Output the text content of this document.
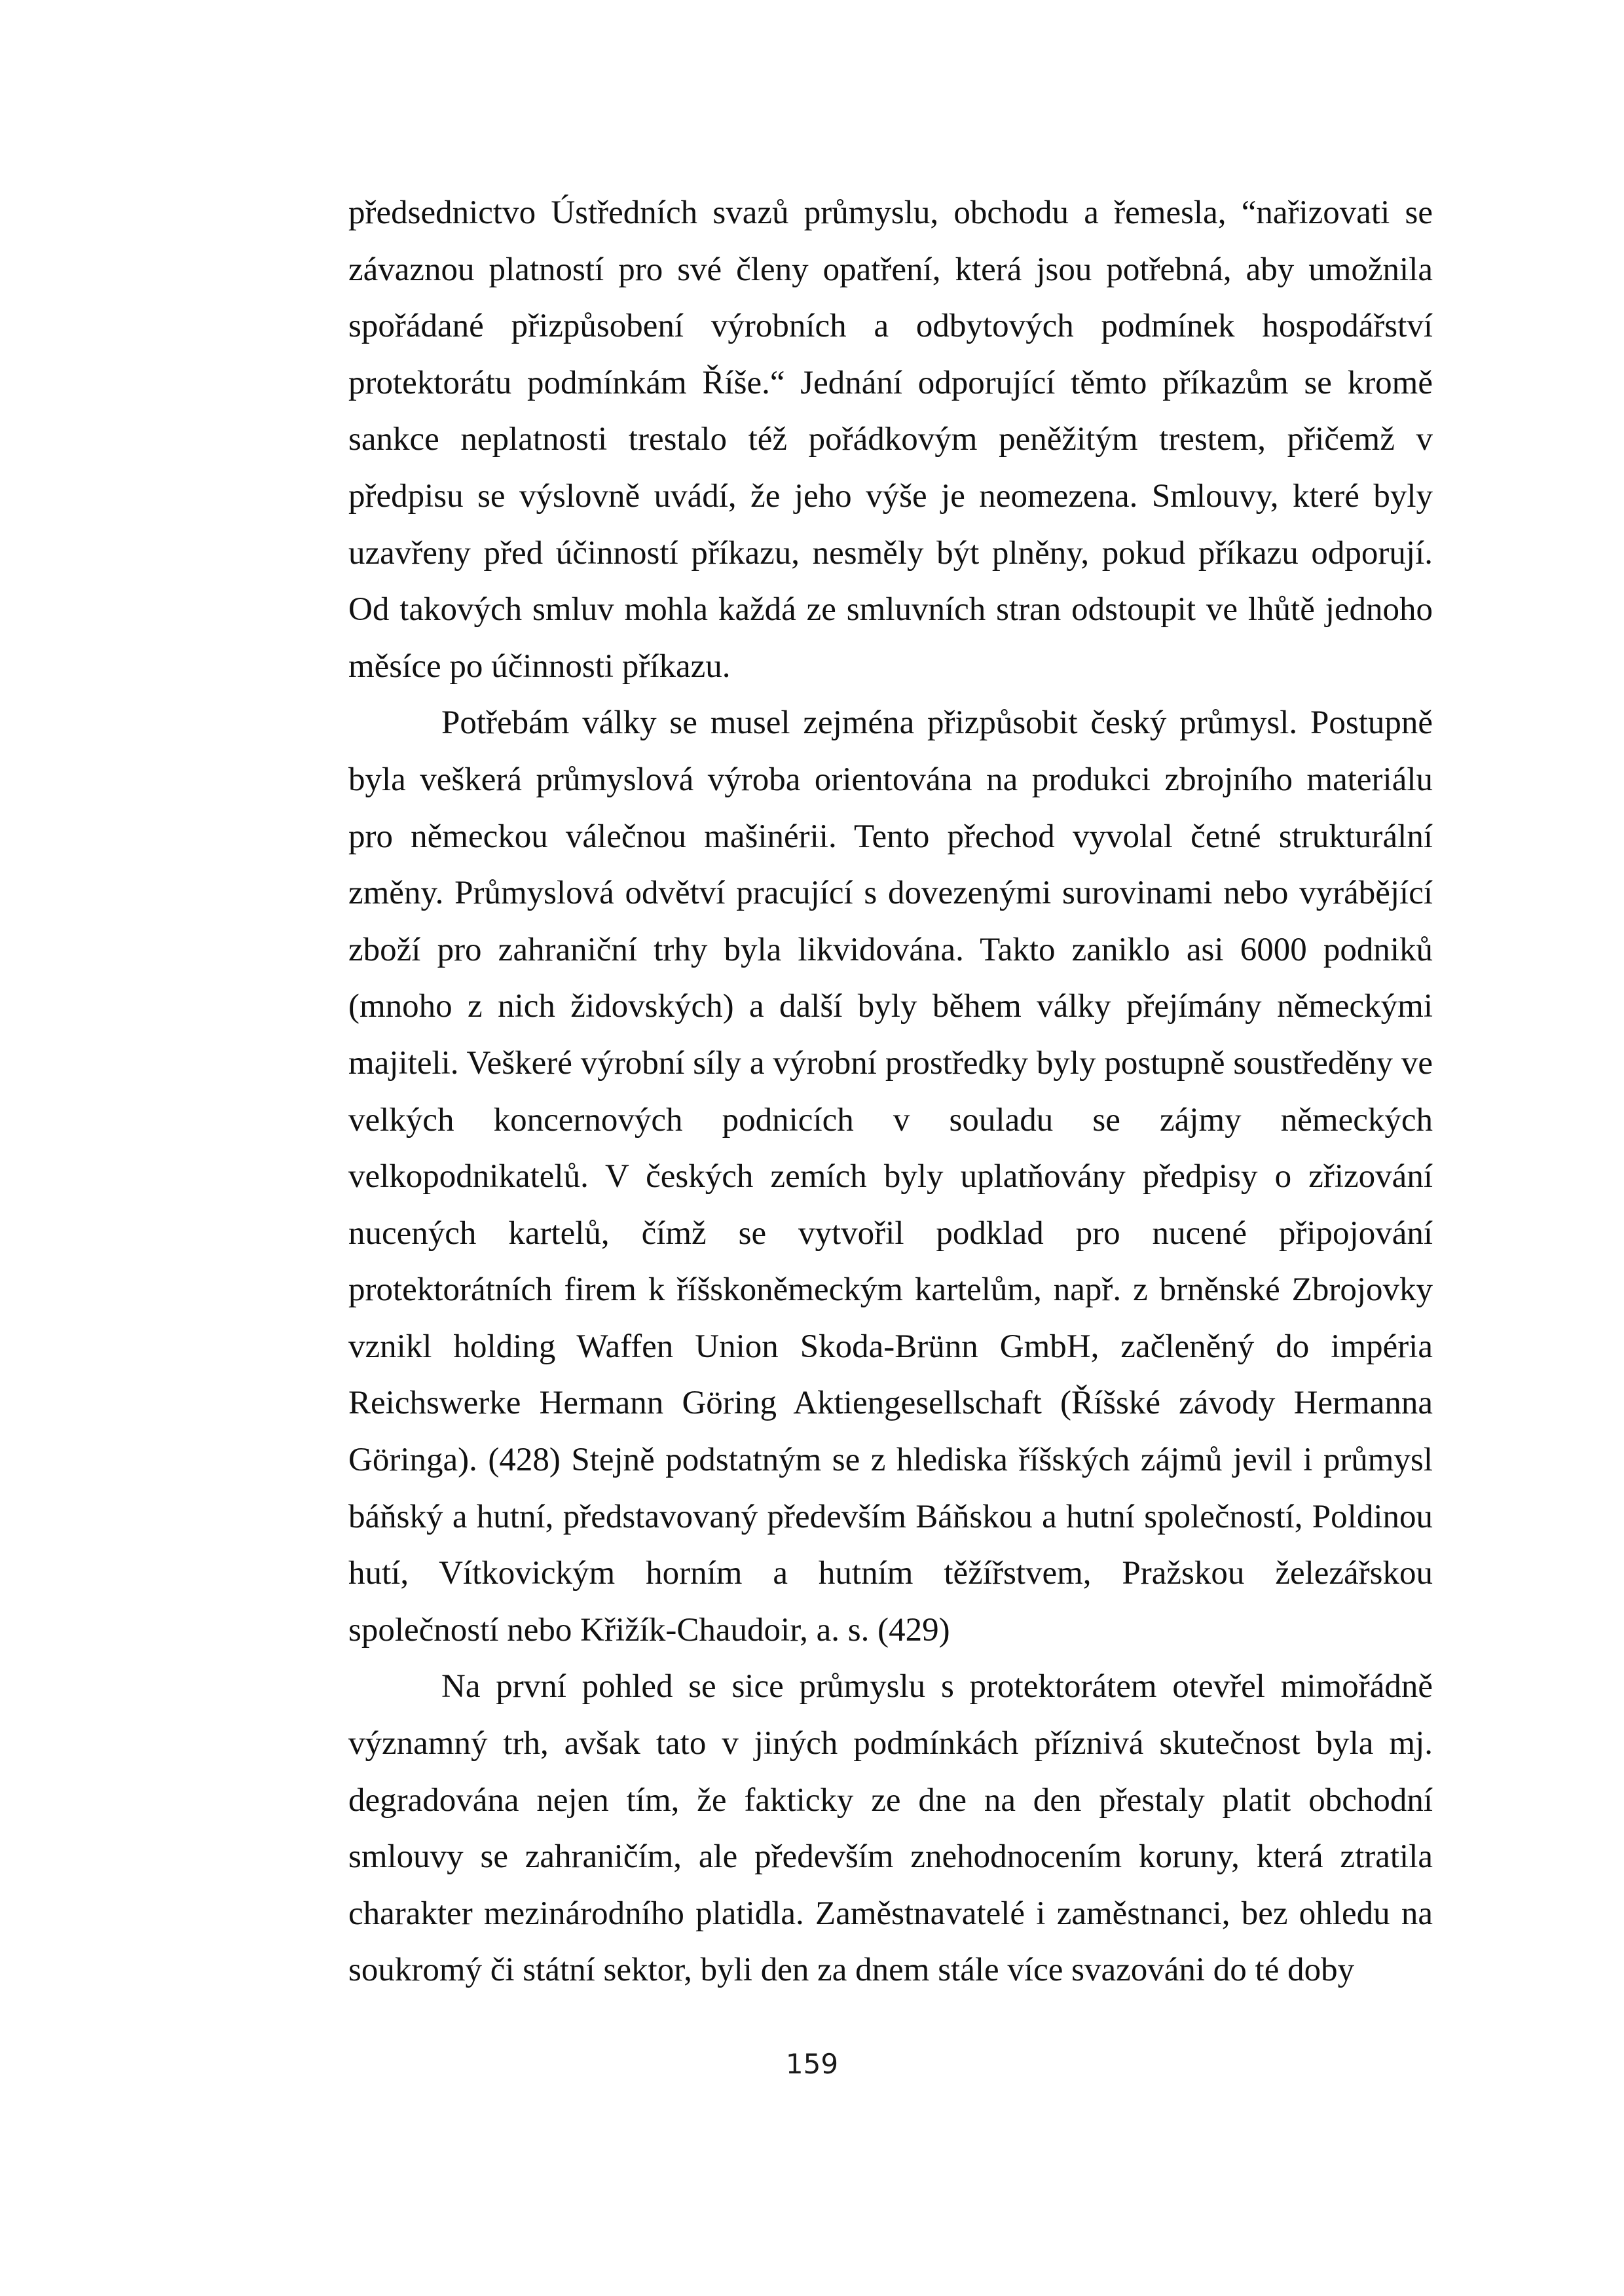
předsednictvo Ústředních svazů průmyslu, obchodu a řemesla, “nařizovati se závaznou platností pro své členy opatření, která jsou potřebná, aby umožnila spořádané přizpůsobení výrobních a odbytových podmínek hospodářství protektorátu podmínkám Říše.“ Jednání odporující těmto příkazům se kromě sankce neplatnosti trestalo též pořádkovým peněžitým trestem, přičemž v předpisu se výslovně uvádí, že jeho výše je neomezena. Smlouvy, které byly uzavřeny před účinností příkazu, nesměly být plněny, pokud příkazu odporují. Od takových smluv mohla každá ze smluvních stran odstoupit ve lhůtě jednoho měsíce po účinnosti příkazu.

Potřebám války se musel zejména přizpůsobit český průmysl. Postupně byla veškerá průmyslová výroba orientována na produkci zbrojního materiálu pro německou válečnou mašinérii. Tento přechod vyvolal četné strukturální změny. Průmyslová odvětví pracující s dovezenými surovinami nebo vyrábějící zboží pro zahraniční trhy byla likvidována. Takto zaniklo asi 6000 podniků (mnoho z nich židovských) a další byly během války přejímány německými majiteli. Veškeré výrobní síly a výrobní prostředky byly postupně soustředěny ve velkých koncernových podnicích v souladu se zájmy německých velkopodnikatelů. V českých zemích byly uplatňovány předpisy o zřizování nucených kartelů, čímž se vytvořil podklad pro nucené připojování protektorátních firem k říšskoněmeckým kartelům, např. z brněnské Zbrojovky vznikl holding Waffen Union Skoda-Brünn GmbH, začleněný do impéria Reichswerke Hermann Göring Aktiengesellschaft (Říšské závody Hermanna Göringa). (428) Stejně podstatným se z hlediska říšských zájmů jevil i průmysl báňský a hutní, představovaný především Báňskou a hutní společností, Poldinou hutí, Vítkovickým horním a hutním těžířstvem, Pražskou železářskou společností nebo Křižík-Chaudoir, a. s. (429)

Na první pohled se sice průmyslu s protektorátem otevřel mimořádně významný trh, avšak tato v jiných podmínkách příznivá skutečnost byla mj. degradována nejen tím, že fakticky ze dne na den přestaly platit obchodní smlouvy se zahraničím, ale především znehodnocením koruny, která ztratila charakter mezinárodního platidla. Zaměstnavatelé i zaměstnanci, bez ohledu na soukromý či státní sektor, byli den za dnem stále více svazováni do té doby

159
